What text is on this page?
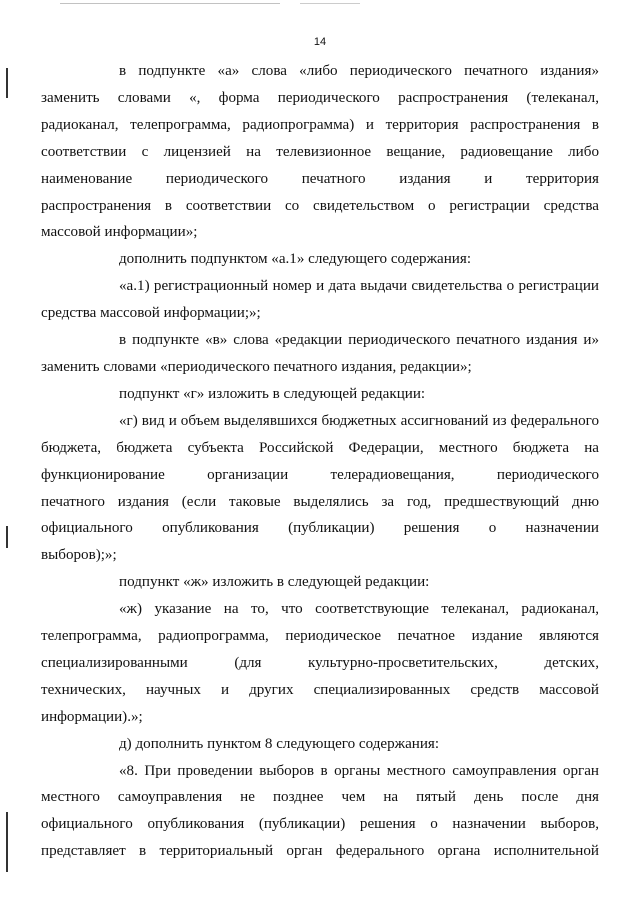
14
в подпункте «а» слова «либо периодического печатного издания»
заменить словами «, форма периодического распространения (телеканал,
радиоканал, телепрограмма, радиопрограмма) и территория распространения в
соответствии с лицензией на телевизионное вещание, радиовещание либо
наименование периодического печатного издания и территория
распространения в соответствии со свидетельством о регистрации средства
массовой информации»;
дополнить подпунктом «а.1» следующего содержания:
«а.1) регистрационный номер и дата выдачи свидетельства о регистрации
средства массовой информации;»;
в подпункте «в» слова «редакции периодического печатного издания и»
заменить словами «периодического печатного издания, редакции»;
подпункт «г» изложить в следующей редакции:
«г) вид и объем выделявшихся бюджетных ассигнований из федерального
бюджета, бюджета субъекта Российской Федерации, местного бюджета на
функционирование организации телерадиовещания, периодического
печатного издания (если таковые выделялись за год, предшествующий дню
официального опубликования (публикации) решения о назначении
выборов);»;
подпункт «ж» изложить в следующей редакции:
«ж) указание на то, что соответствующие телеканал, радиоканал,
телепрограмма, радиопрограмма, периодическое печатное издание являются
специализированными (для культурно-просветительских, детских,
технических, научных и других специализированных средств массовой
информации).»;
д) дополнить пунктом 8 следующего содержания:
«8. При проведении выборов в органы местного самоуправления орган
местного самоуправления не позднее чем на пятый день после дня
официального опубликования (публикации) решения о назначении выборов,
представляет в территориальный орган федерального органа исполнительной
